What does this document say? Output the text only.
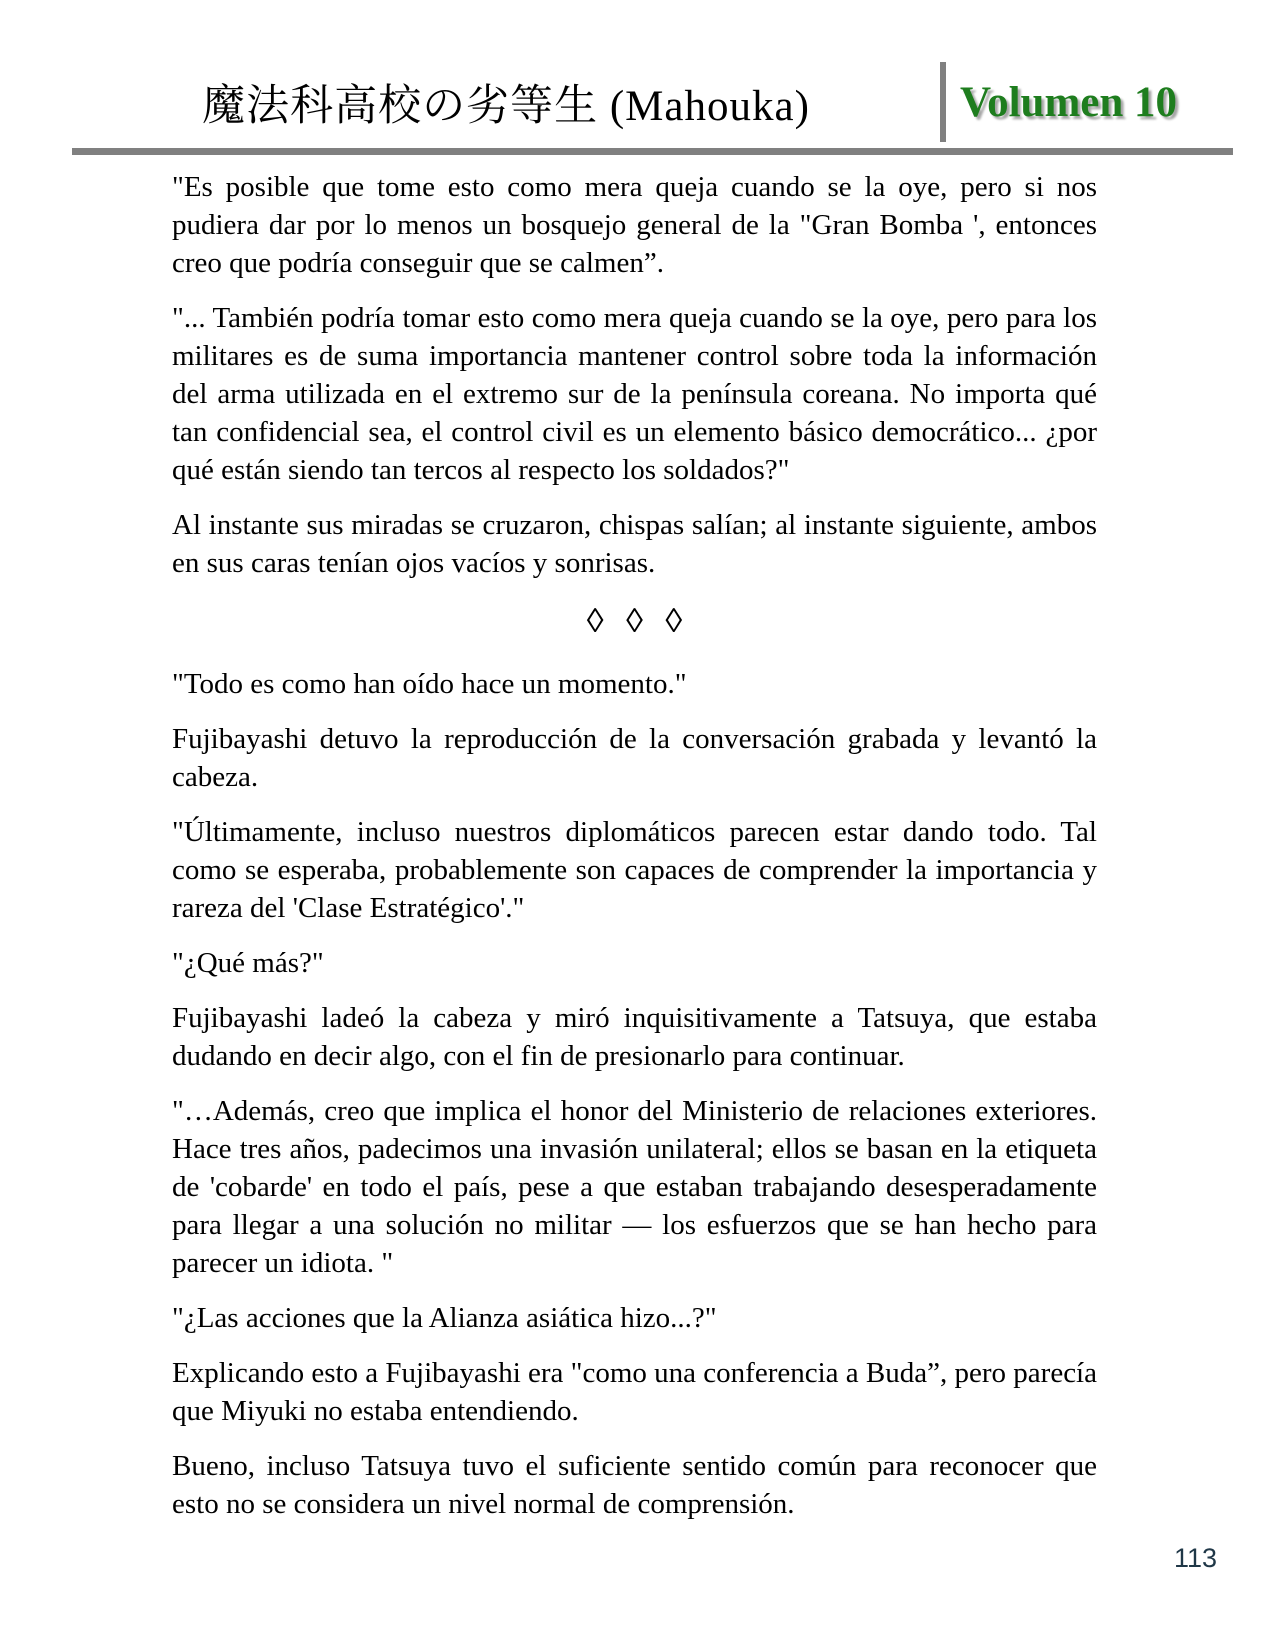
魔法科高校の劣等生 (Mahouka)	Volumen 10

"Es posible que tome esto como mera queja cuando se la oye, pero si nos pudiera dar por lo menos un bosquejo general de la "Gran Bomba ', entonces creo que podría conseguir que se calmen”.

"... También podría tomar esto como mera queja cuando se la oye, pero para los militares es de suma importancia mantener control sobre toda la información del arma utilizada en el extremo sur de la península coreana. No importa qué tan confidencial sea, el control civil es un elemento básico democrático... ¿por qué están siendo tan tercos al respecto los soldados?"

Al instante sus miradas se cruzaron, chispas salían; al instante siguiente, ambos en sus caras tenían ojos vacíos y sonrisas.

◊ ◊ ◊

"Todo es como han oído hace un momento."

Fujibayashi detuvo la reproducción de la conversación grabada y levantó la cabeza.

"Últimamente, incluso nuestros diplomáticos parecen estar dando todo. Tal como se esperaba, probablemente son capaces de comprender la importancia y rareza del 'Clase Estratégico'."

"¿Qué más?"

Fujibayashi ladeó la cabeza y miró inquisitivamente a Tatsuya, que estaba dudando en decir algo, con el fin de presionarlo para continuar.

"…Además, creo que implica el honor del Ministerio de relaciones exteriores. Hace tres años, padecimos una invasión unilateral; ellos se basan en la etiqueta de 'cobarde' en todo el país, pese a que estaban trabajando desesperadamente para llegar a una solución no militar — los esfuerzos que se han hecho para parecer un idiota. "

"¿Las acciones que la Alianza asiática hizo...?"

Explicando esto a Fujibayashi era "como una conferencia a Buda”, pero parecía que Miyuki no estaba entendiendo.

Bueno, incluso Tatsuya tuvo el suficiente sentido común para reconocer que esto no se considera un nivel normal de comprensión.

113
